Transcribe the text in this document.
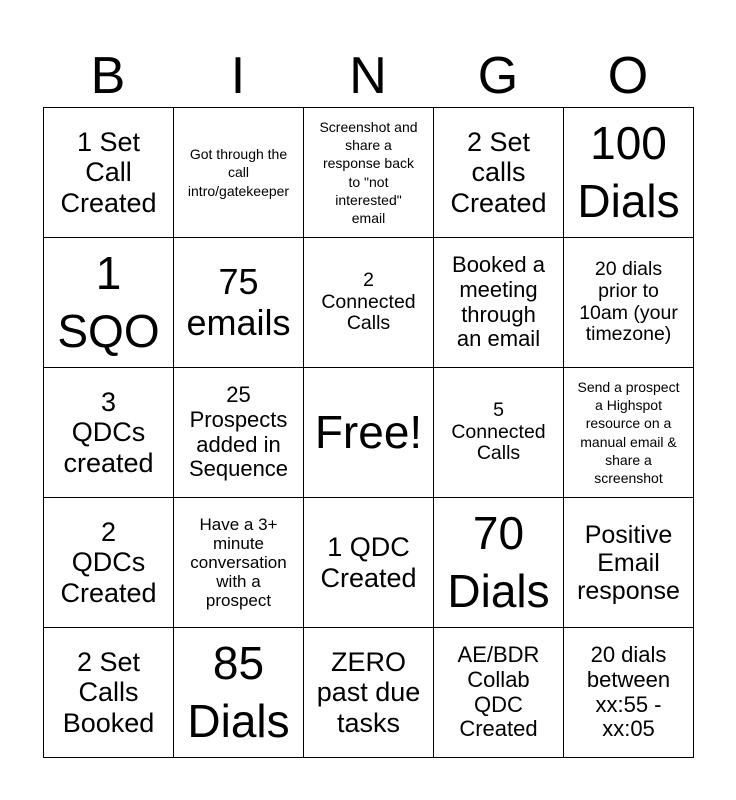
B	I	N	G	O
1 Set
Call
Created
Got through the
call
intro/gatekeeper
Screenshot and
share a
response back
to "not
interested"
email
2 Set
calls
Created
100
Dials
1
SQO
75
emails
2
Connected
Calls
Booked a
meeting
through
an email
20 dials
prior to
10am (your
timezone)
3
QDCs
created
25
Prospects
added in
Sequence
Free!	5
Connected
Calls
Send a prospect
a Highspot
resource on a
manual email &
share a
screenshot
2
QDCs
Created
Have a 3+
minute
conversation
with a
prospect
1 QDC
Created
70
Dials
Positive
Email
response
2 Set
Calls
Booked
85
Dials
ZERO
past due
tasks
AE/BDR
Collab
QDC
Created
20 dials
between
xx:55 -
xx:05
